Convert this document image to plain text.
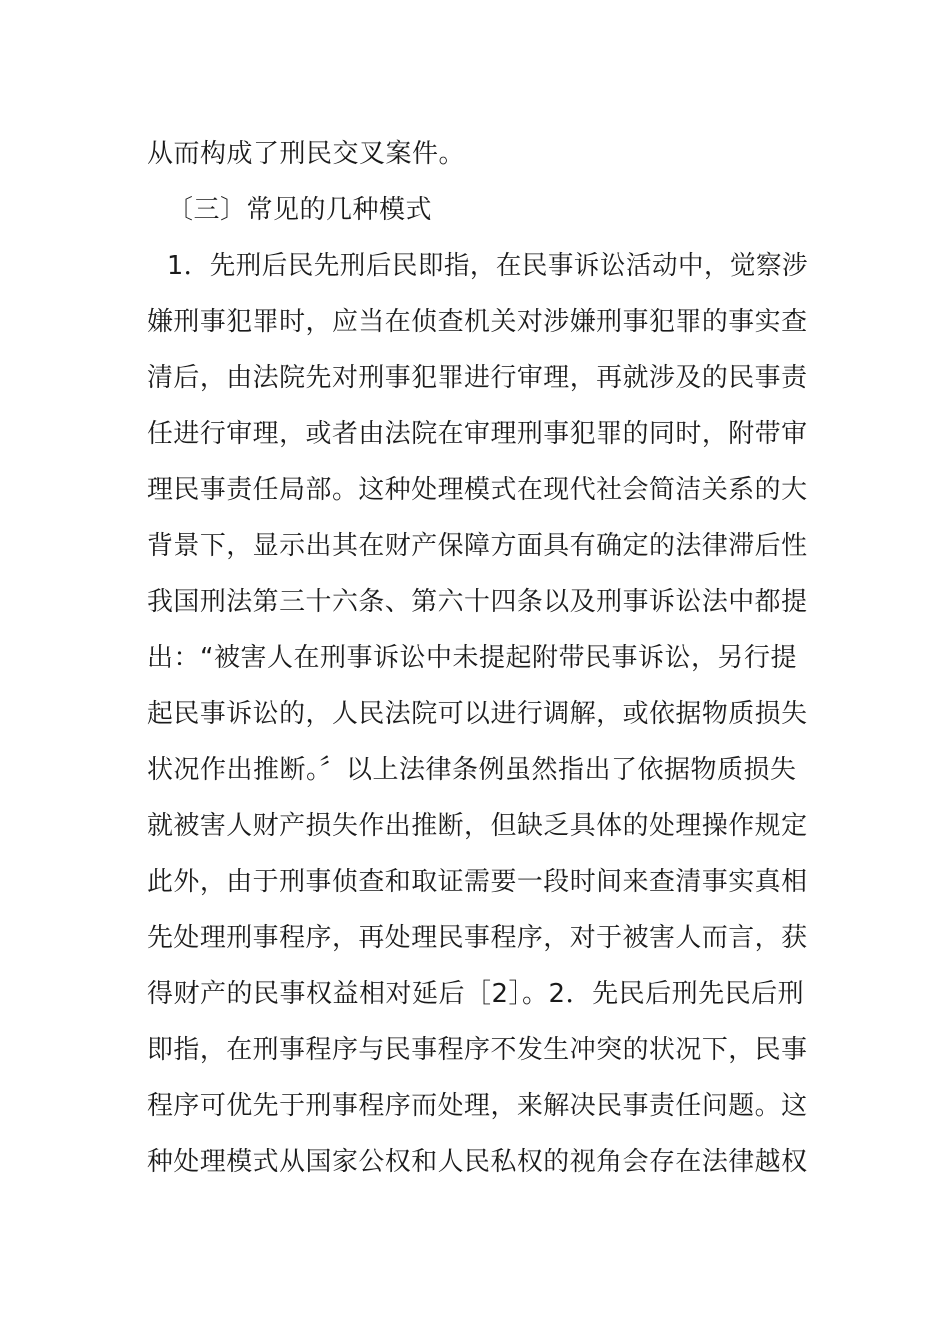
从而构成了刑民交叉案件。
〔三〕常见的几种模式
1．先刑后民先刑后民即指，在民事诉讼活动中，觉察涉
嫌刑事犯罪时，应当在侦查机关对涉嫌刑事犯罪的事实查
清后，由法院先对刑事犯罪进行审理，再就涉及的民事责
任进行审理，或者由法院在审理刑事犯罪的同时，附带审
理民事责任局部。这种处理模式在现代社会简洁关系的大
背景下，显示出其在财产保障方面具有确定的法律滞后性
我国刑法第三十六条、第六十四条以及刑事诉讼法中都提
出：“被害人在刑事诉讼中未提起附带民事诉讼，另行提
起民事诉讼的，人民法院可以进行调解，或依据物质损失
状况作出推断。〞以上法律条例虽然指出了依据物质损失
就被害人财产损失作出推断，但缺乏具体的处理操作规定
此外，由于刑事侦查和取证需要一段时间来查清事实真相
先处理刑事程序，再处理民事程序，对于被害人而言，获
得财产的民事权益相对延后［2］。2．先民后刑先民后刑
即指，在刑事程序与民事程序不发生冲突的状况下，民事
程序可优先于刑事程序而处理，来解决民事责任问题。这
种处理模式从国家公权和人民私权的视角会存在法律越权
